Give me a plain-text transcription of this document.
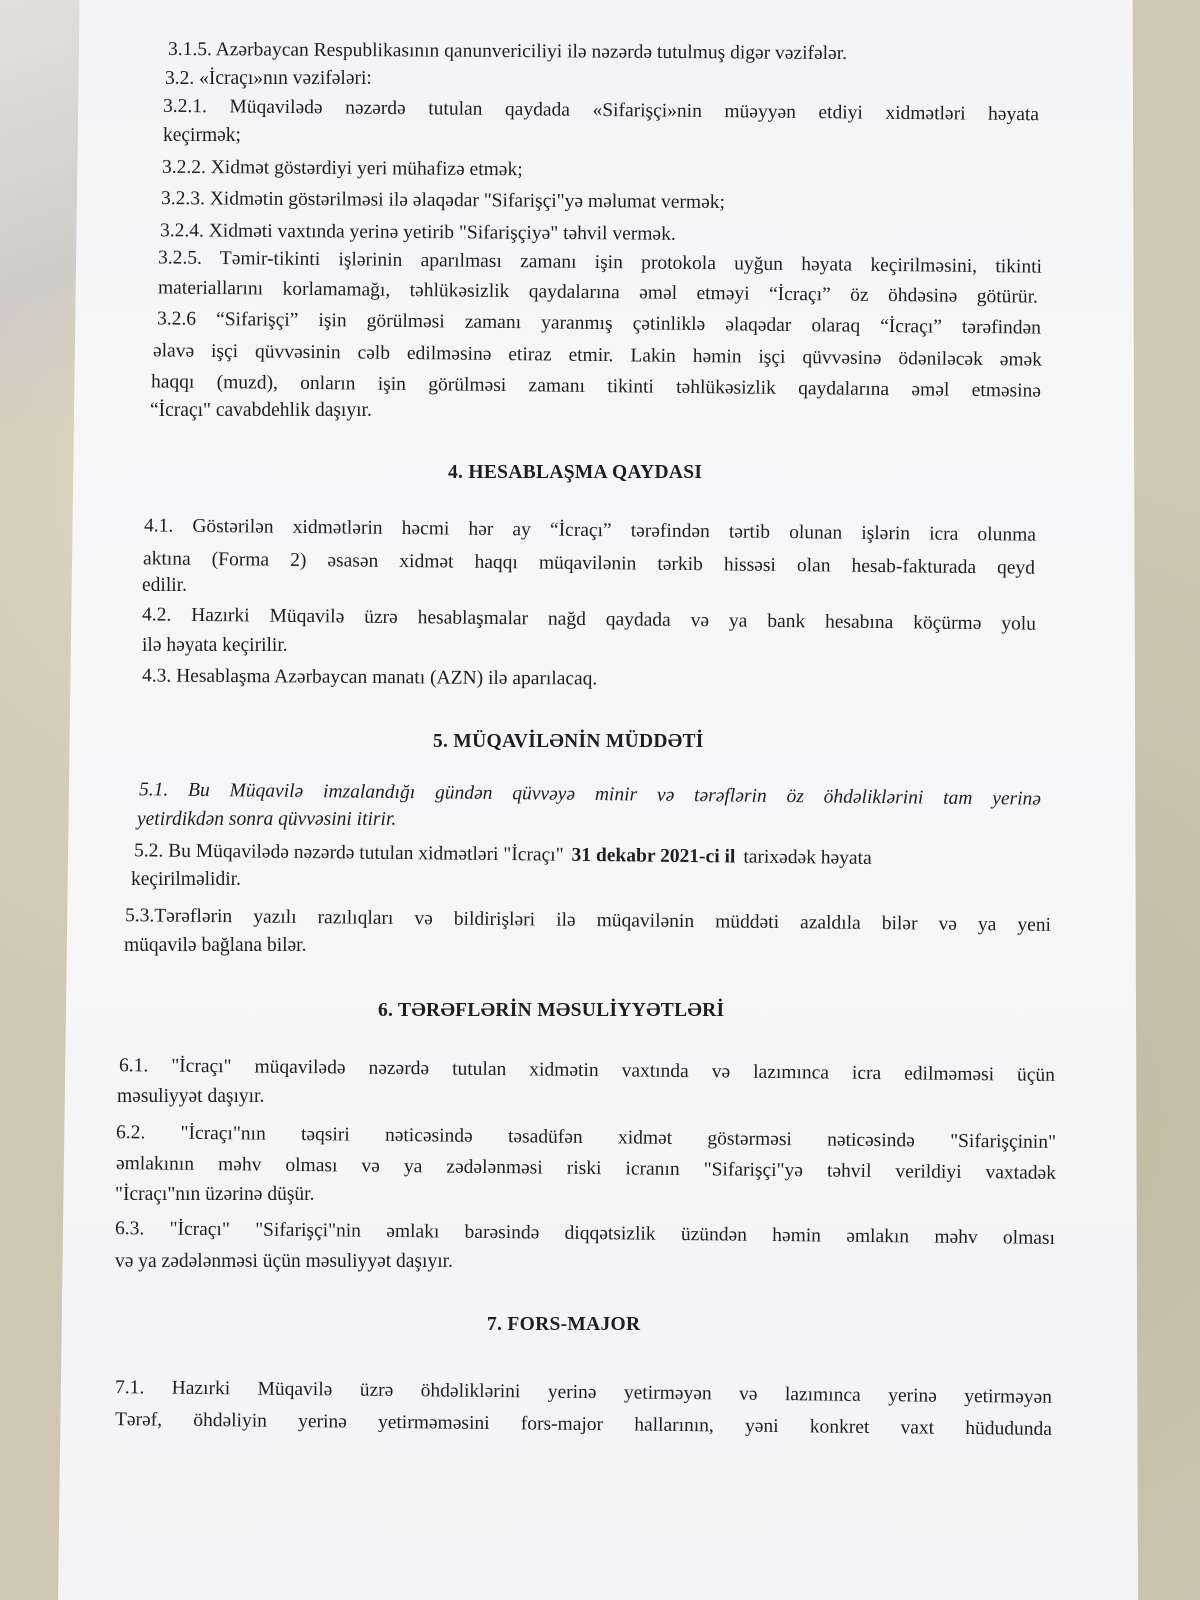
3.1.5. Azərbaycan Respublikasının qanunvericiliyi ilə nəzərdə tutulmuş digər vəzifələr.
3.2. «İcraçı»nın vəzifələri:
3.2.1. Müqavilədə nəzərdə tutulan qaydada «Sifarişçi»nin müəyyən etdiyi xidmətləri həyata
keçirmək;
3.2.2. Xidmət göstərdiyi yeri mühafizə etmək;
3.2.3. Xidmətin göstərilməsi ilə əlaqədar "Sifarişçi"yə məlumat vermək;
3.2.4. Xidməti vaxtında yerinə yetirib "Sifarişçiyə" təhvil vermək.
3.2.5. Təmir-tikinti işlərinin aparılması zamanı işin protokola uyğun həyata keçirilməsini, tikinti
materiallarını korlamamağı, təhlükəsizlik qaydalarına əməl etməyi “İcraçı” öz öhdəsinə götürür.
3.2.6 “Sifarişçi” işin görülməsi zamanı yaranmış çətinliklə əlaqədar olaraq “İcraçı” tərəfindən
əlavə işçi qüvvəsinin cəlb edilməsinə etiraz etmir. Lakin həmin işçi qüvvəsinə ödəniləcək əmək
haqqı (muzd), onların işin görülməsi zamanı tikinti təhlükəsizlik qaydalarına əməl etməsinə
“İcraçı" cavabdehlik daşıyır.
4. HESABLAŞMA QAYDASI
4.1. Göstərilən xidmətlərin həcmi hər ay “İcraçı” tərəfindən tərtib olunan işlərin icra olunma
aktına (Forma 2) əsasən xidmət haqqı müqavilənin tərkib hissəsi olan hesab-fakturada qeyd
edilir.
4.2. Hazırki Müqavilə üzrə hesablaşmalar nağd qaydada və ya bank hesabına köçürmə yolu
ilə həyata keçirilir.
4.3. Hesablaşma Azərbaycan manatı (AZN) ilə aparılacaq.
5. MÜQAVİLƏNİN MÜDDƏTİ
5.1. Bu Müqavilə imzalandığı gündən qüvvəyə minir və tərəflərin öz öhdəliklərini tam yerinə
yetirdikdən sonra qüvvəsini itirir.
5.2. Bu Müqavilədə nəzərdə tutulan xidmətləri "İcraçı" 31 dekabr 2021-ci il tarixədək həyata
keçirilməlidir.
5.3.Tərəflərin yazılı razılıqları və bildirişləri ilə müqavilənin müddəti azaldıla bilər və ya yeni
müqavilə bağlana bilər.
6. TƏRƏFLƏRİN MƏSULİYYƏTLƏRİ
6.1. "İcraçı" müqavilədə nəzərdə tutulan xidmətin vaxtında və lazımınca icra edilməməsi üçün
məsuliyyət daşıyır.
6.2. "İcraçı"nın təqsiri nəticəsində təsadüfən xidmət göstərməsi nəticəsində "Sifarişçinin"
əmlakının məhv olması və ya zədələnməsi riski icranın "Sifarişçi"yə təhvil verildiyi vaxtadək
"İcraçı"nın üzərinə düşür.
6.3. "İcraçı" "Sifarişçi"nin əmlakı barəsində diqqətsizlik üzündən həmin əmlakın məhv olması
və ya zədələnməsi üçün məsuliyyət daşıyır.
7. FORS-MAJOR
7.1. Hazırki Müqavilə üzrə öhdəliklərini yerinə yetirməyən və lazımınca yerinə yetirməyən
Tərəf, öhdəliyin yerinə yetirməməsini fors-major hallarının, yəni konkret vaxt hüdudunda
